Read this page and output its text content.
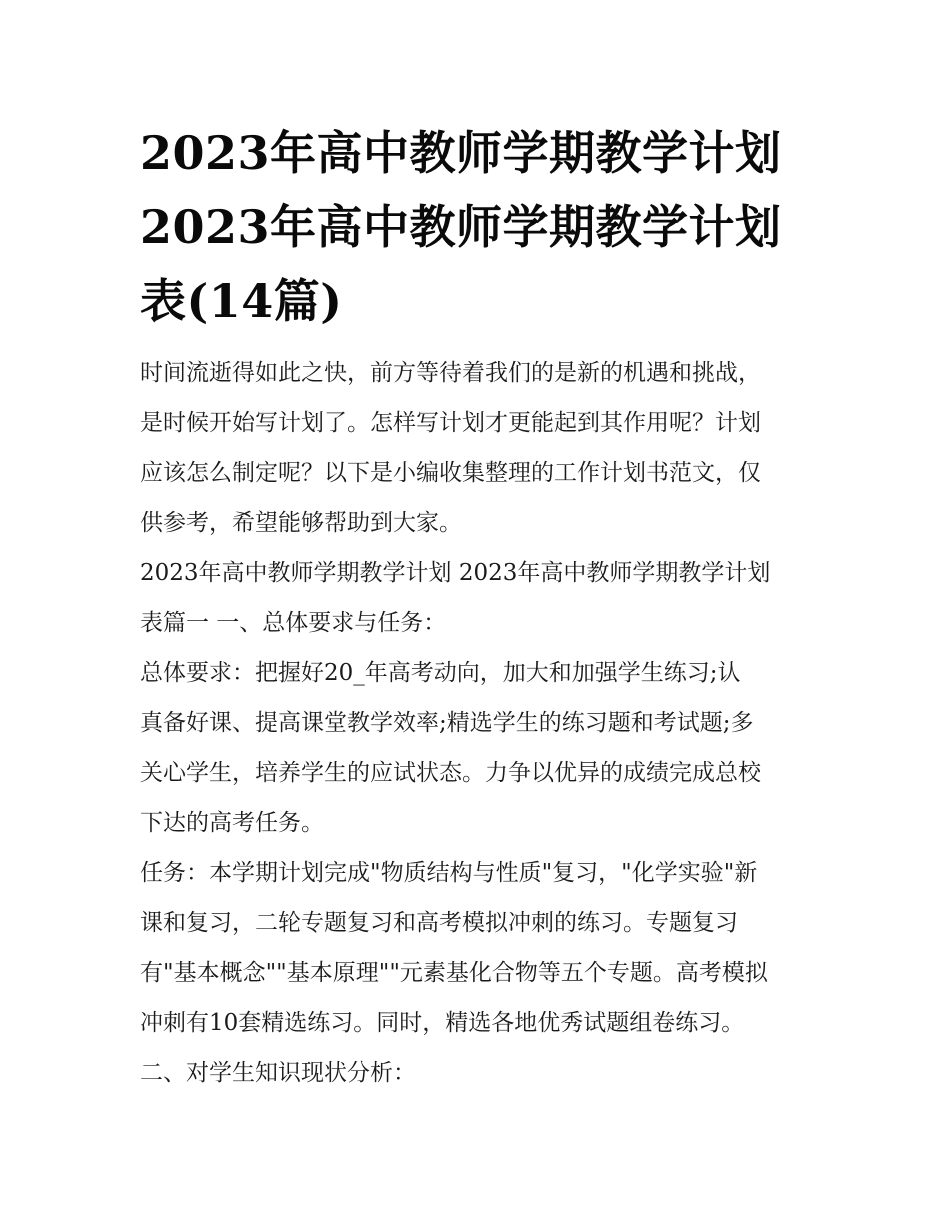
2023年高中教师学期教学计划
2023年高中教师学期教学计划
表(14篇)

时间流逝得如此之快，前方等待着我们的是新的机遇和挑战，
是时候开始写计划了。怎样写计划才更能起到其作用呢？计划
应该怎么制定呢？以下是小编收集整理的工作计划书范文，仅
供参考，希望能够帮助到大家。

2023年高中教师学期教学计划 2023年高中教师学期教学计划
表篇一 一、总体要求与任务：

总体要求：把握好20_年高考动向，加大和加强学生练习;认
真备好课、提高课堂教学效率;精选学生的练习题和考试题;多
关心学生，培养学生的应试状态。力争以优异的成绩完成总校
下达的高考任务。

任务：本学期计划完成"物质结构与性质"复习，"化学实验"新
课和复习，二轮专题复习和高考模拟冲刺的练习。专题复习
有"基本概念""基本原理""元素基化合物等五个专题。高考模拟
冲刺有10套精选练习。同时，精选各地优秀试题组卷练习。

二、对学生知识现状分析：
